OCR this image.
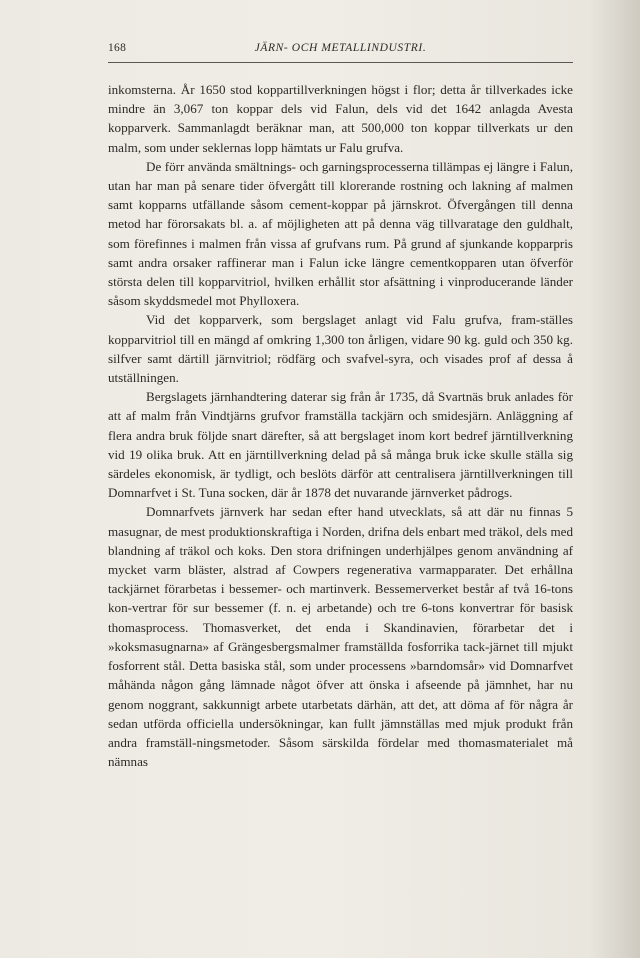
168	JÄRN- OCH METALLINDUSTRI.

inkomsterna. År 1650 stod koppartillverkningen högst i flor; detta år tillverkades icke mindre än 3,067 ton koppar dels vid Falun, dels vid det 1642 anlagda Avesta kopparverk. Sammanlagdt beräknar man, att 500,000 ton koppar tillverkats ur den malm, som under seklernas lopp hämtats ur Falu grufva.

De förr använda smältnings- och garningsprocesserna tillämpas ej längre i Falun, utan har man på senare tider öfvergått till klorerande rostning och lakning af malmen samt kopparns utfällande såsom cement-koppar på järnskrot. Öfvergången till denna metod har förorsakats bl. a. af möjligheten att på denna väg tillvaratage den guldhalt, som förefinnes i malmen från vissa af grufvans rum. På grund af sjunkande kopparpris samt andra orsaker raffinerar man i Falun icke längre cementkopparen utan öfverför största delen till kopparvitriol, hvilken erhållit stor afsättning i vinproducerande länder såsom skyddsmedel mot Phylloxera.

Vid det kopparverk, som bergslaget anlagt vid Falu grufva, fram-ställes kopparvitriol till en mängd af omkring 1,300 ton årligen, vidare 90 kg. guld och 350 kg. silfver samt därtill järnvitriol; rödfärg och svafvel-syra, och visades prof af dessa å utställningen.

Bergslagets järnhandtering daterar sig från år 1735, då Svartnäs bruk anlades för att af malm från Vindtjärns grufvor framställa tackjärn och smidesjärn. Anläggning af flera andra bruk följde snart därefter, så att bergslaget inom kort bedref järntillverkning vid 19 olika bruk. Att en järntillverkning delad på så många bruk icke skulle ställa sig särdeles ekonomisk, är tydligt, och beslöts därför att centralisera järntillverkningen till Domnarfvet i St. Tuna socken, där år 1878 det nuvarande järnverket pådrogs.

Domnarfvets järnverk har sedan efter hand utvecklats, så att där nu finnas 5 masugnar, de mest produktionskraftiga i Norden, drifna dels enbart med träkol, dels med blandning af träkol och koks. Den stora drifningen underhjälpes genom användning af mycket varm bläster, alstrad af Cowpers regenerativa varmapparater. Det erhållna tackjärnet förarbetas i bessemer- och martinverk. Bessemerverket består af två 16-tons kon-vertrar för sur bessemer (f. n. ej arbetande) och tre 6-tons konvertrar för basisk thomasprocess. Thomasverket, det enda i Skandinavien, förarbetar det i »koksmasugnarna» af Grängesbergsmalmer framställda fosforrika tack-järnet till mjukt fosforrent stål. Detta basiska stål, som under processens »barndomsår» vid Domnarfvet måhända någon gång lämnade något öfver att önska i afseende på jämnhet, har nu genom noggrant, sakkunnigt arbete utarbetats därhän, att det, att döma af för några år sedan utförda officiella undersökningar, kan fullt jämnställas med mjuk produkt från andra framställ-ningsmetoder. Såsom särskilda fördelar med thomasmaterialet må nämnas
